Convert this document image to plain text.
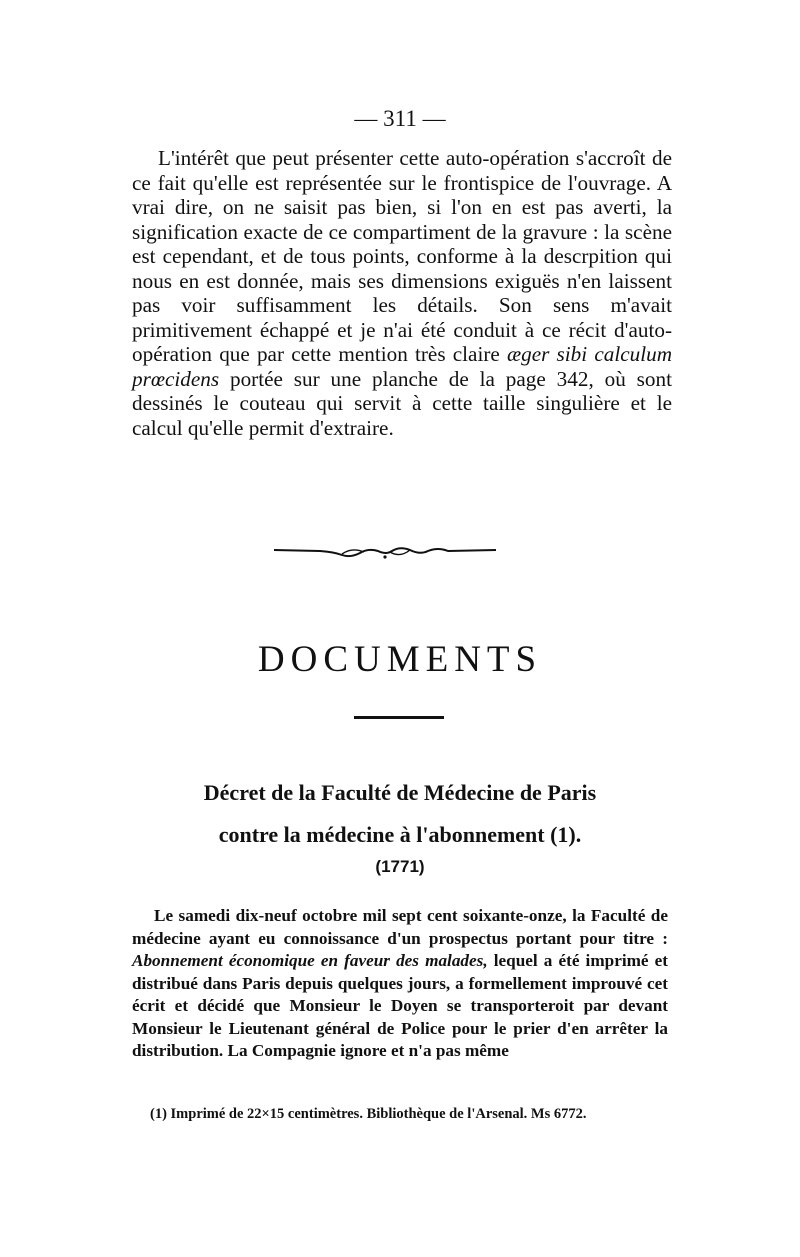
— 311 —

L'intérêt que peut présenter cette auto-opération s'accroît de ce fait qu'elle est représentée sur le frontispice de l'ouvrage. A vrai dire, on ne saisit pas bien, si l'on en est pas averti, la signification exacte de ce compartiment de la gravure : la scène est cependant, et de tous points, conforme à la descrpition qui nous en est donnée, mais ses dimensions exiguës n'en laissent pas voir suffisamment les détails. Son sens m'avait primitivement échappé et je n'ai été conduit à ce récit d'auto-opération que par cette mention très claire æger sibi calculum prœcidens portée sur une planche de la page 342, où sont dessinés le couteau qui servit à cette taille singulière et le calcul qu'elle permit d'extraire.

DOCUMENTS
Décret de la Faculté de Médecine de Paris
contre la médecine à l'abonnement (1).
(1771)

Le samedi dix-neuf octobre mil sept cent soixante-onze, la Faculté de médecine ayant eu connoissance d'un prospectus portant pour titre : Abonnement économique en faveur des malades, lequel a été imprimé et distribué dans Paris depuis quelques jours, a formellement improuvé cet écrit et décidé que Monsieur le Doyen se transporteroit par devant Monsieur le Lieutenant général de Police pour le prier d'en arrêter la distribution. La Compagnie ignore et n'a pas même

(1) Imprimé de 22×15 centimètres. Bibliothèque de l'Arsenal. Ms 6772.
